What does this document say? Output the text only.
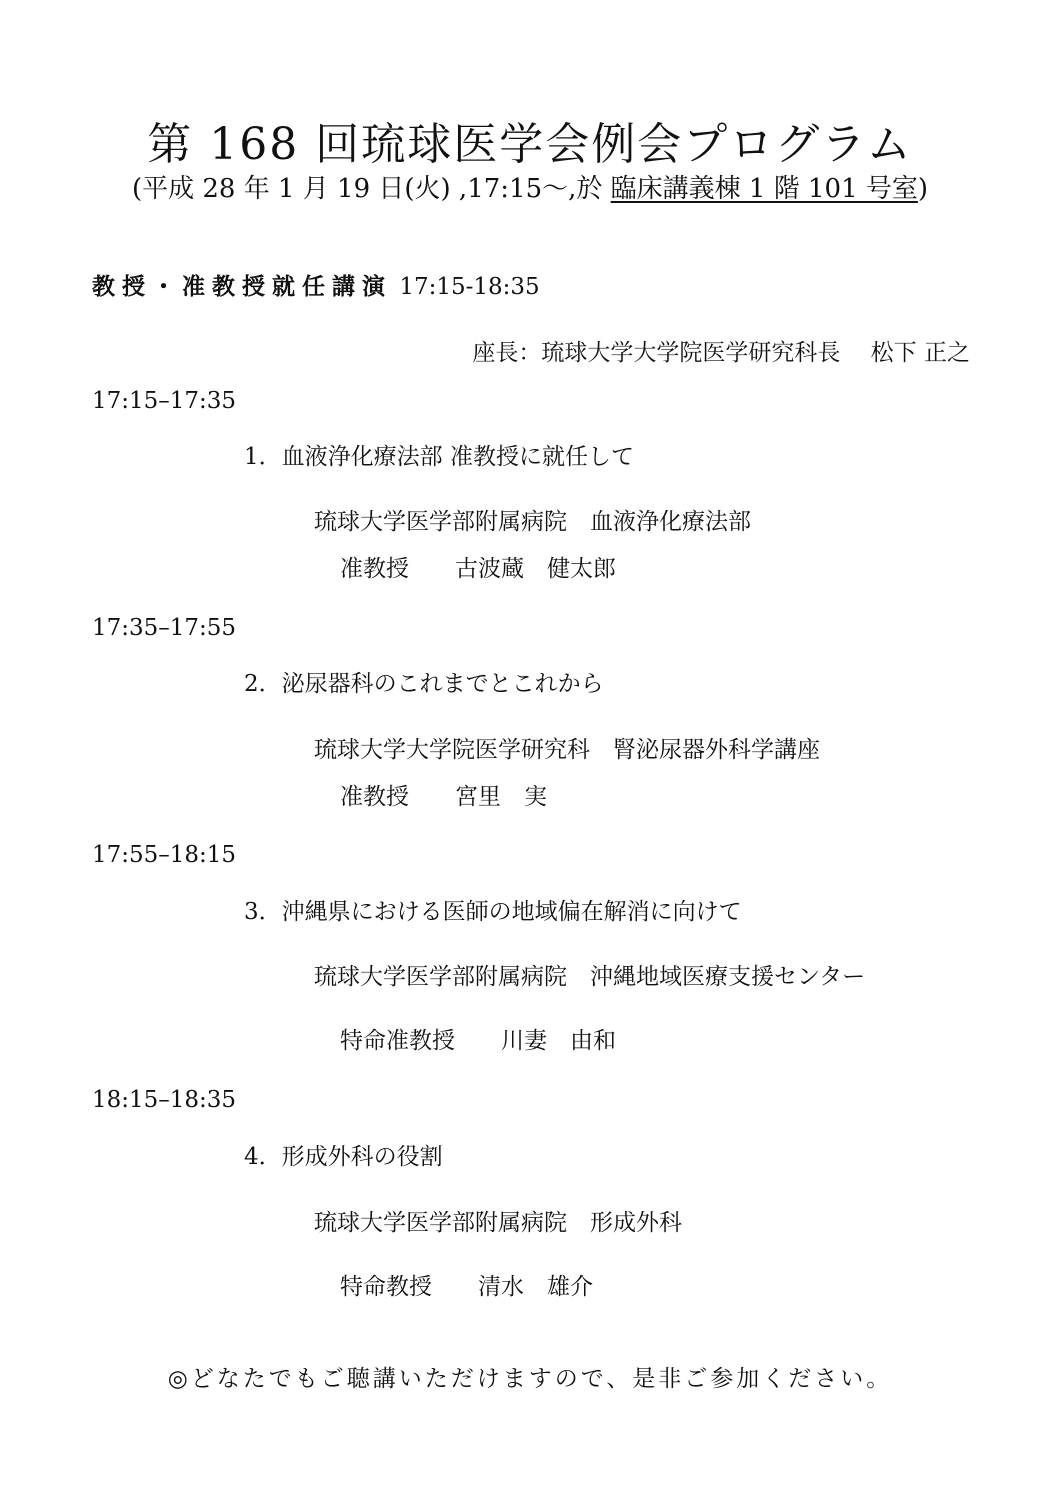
第 168 回琉球医学会例会プログラム
(平成 28 年 1 月 19 日(火) ,17:15～,於 臨床講義棟 1 階 101 号室)
教授・准教授就任講演 17:15-18:35
座長：琉球大学大学院医学研究科長　 松下 正之
17:15–17:35
1．血液浄化療法部 准教授に就任して
琉球大学医学部附属病院　血液浄化療法部
准教授　　古波蔵　健太郎
17:35–17:55
2．泌尿器科のこれまでとこれから
琉球大学大学院医学研究科　腎泌尿器外科学講座
准教授　　宮里　実
17:55–18:15
3．沖縄県における医師の地域偏在解消に向けて
琉球大学医学部附属病院　沖縄地域医療支援センター
特命准教授　　川妻　由和
18:15–18:35
4．形成外科の役割
琉球大学医学部附属病院　形成外科
特命教授　　清水　雄介
◎どなたでもご聴講いただけますので、是非ご参加ください。
